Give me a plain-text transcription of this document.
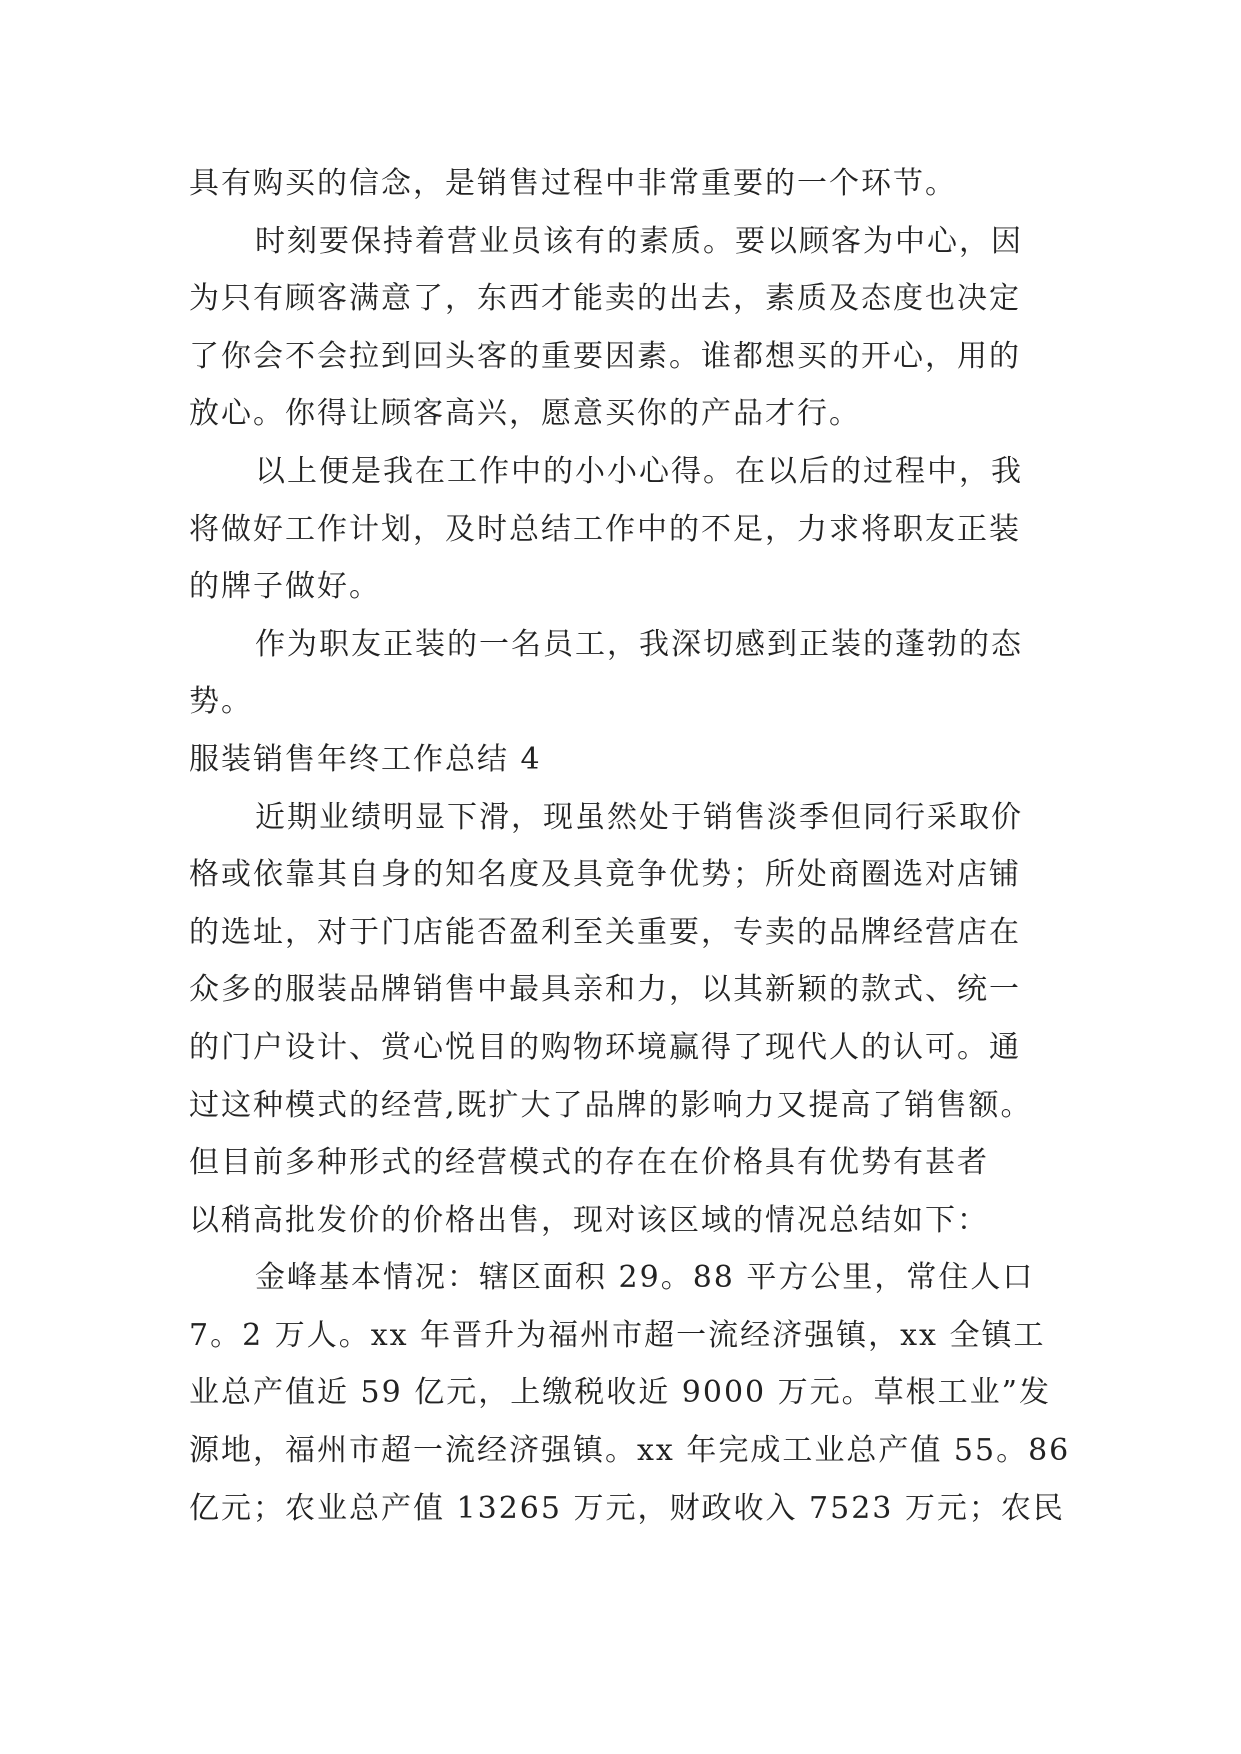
具有购买的信念，是销售过程中非常重要的一个环节。
时刻要保持着营业员该有的素质。要以顾客为中心，因
为只有顾客满意了，东西才能卖的出去，素质及态度也决定
了你会不会拉到回头客的重要因素。谁都想买的开心，用的
放心。你得让顾客高兴，愿意买你的产品才行。
以上便是我在工作中的小小心得。在以后的过程中，我
将做好工作计划，及时总结工作中的不足，力求将职友正装
的牌子做好。
作为职友正装的一名员工，我深切感到正装的蓬勃的态
势。
服装销售年终工作总结 4
近期业绩明显下滑，现虽然处于销售淡季但同行采取价
格或依靠其自身的知名度及具竟争优势；所处商圈选对店铺
的选址，对于门店能否盈利至关重要，专卖的品牌经营店在
众多的服装品牌销售中最具亲和力，以其新颖的款式、统一
的门户设计、赏心悦目的购物环境赢得了现代人的认可。通
过这种模式的经营,既扩大了品牌的影响力又提高了销售额。
但目前多种形式的经营模式的存在在价格具有优势有甚者
以稍高批发价的价格出售，现对该区域的情况总结如下：
金峰基本情况：辖区面积 29。88 平方公里，常住人口
7。2 万人。xx 年晋升为福州市超一流经济强镇，xx 全镇工
业总产值近 59 亿元，上缴税收近 9000 万元。草根工业”发
源地，福州市超一流经济强镇。xx 年完成工业总产值 55。86
亿元；农业总产值 13265 万元，财政收入 7523 万元；农民
